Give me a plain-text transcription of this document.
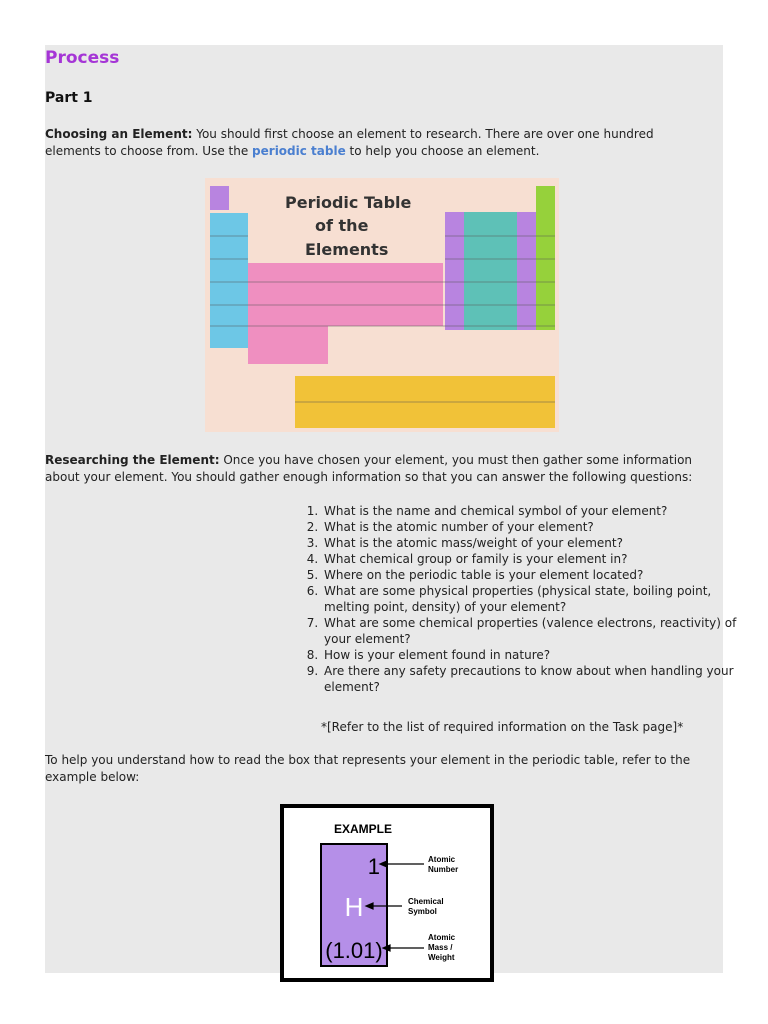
Process
Part 1

Choosing an Element: You should first choose an element to research. There are over one hundred elements to choose from. Use the periodic table to help you choose an element.

Periodic Table
of the
Elements

Researching the Element: Once you have chosen your element, you must then gather some information about your element. You should gather enough information so that you can answer the following questions:

1. What is the name and chemical symbol of your element?
2. What is the atomic number of your element?
3. What is the atomic mass/weight of your element?
4. What chemical group or family is your element in?
5. Where on the periodic table is your element located?
6. What are some physical properties (physical state, boiling point, melting point, density) of your element?
7. What are some chemical properties (valence electrons, reactivity) of your element?
8. How is your element found in nature?
9. Are there any safety precautions to know about when handling your element?
*[Refer to the list of required information on the Task page]*

To help you understand how to read the box that represents your element in the periodic table, refer to the example below:

EXAMPLE
1
H
(1.01)
Atomic
Number
Chemical
Symbol
Atomic
Mass /
Weight
